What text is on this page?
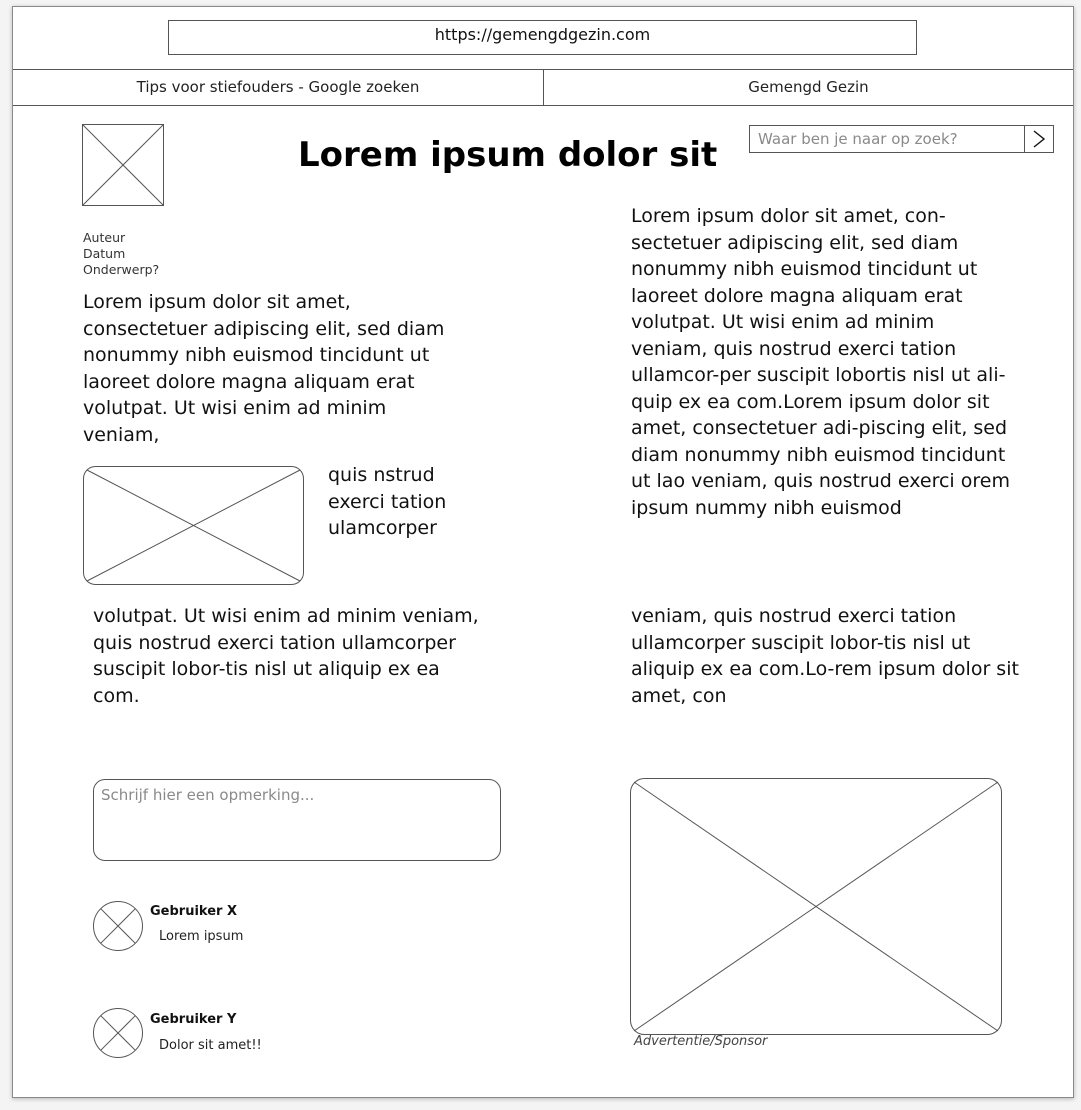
https://gemengdgezin.com
Tips voor stiefouders - Google zoeken	Gemengd Gezin
Auteur
Datum
Onderwerp?
Lorem ipsum dolor sit
Waar ben je naar op zoek?
Lorem ipsum dolor sit amet, consectetuer adipiscing elit, sed diam nonummy nibh euismod tincidunt ut laoreet dolore magna aliquam erat volutpat. Ut wisi enim ad minim veniam,
quis nstrud exerci tation ulamcorper
volutpat. Ut wisi enim ad minim veniam, quis nostrud exerci tation ullamcorper suscipit lobor-tis nisl ut aliquip ex ea com.
Lorem ipsum dolor sit amet, con-sectetuer adipiscing elit, sed diam nonummy nibh euismod tincidunt ut laoreet dolore magna aliquam erat volutpat. Ut wisi enim ad minim veniam, quis nostrud exerci tation ullamcor-per suscipit lobortis nisl ut ali-quip ex ea com.Lorem ipsum dolor sit amet, consectetuer adi-piscing elit, sed diam nonummy nibh euismod tincidunt ut lao veniam, quis nostrud exerci orem ipsum nummy nibh euismod
veniam, quis nostrud exerci tation ullamcorper suscipit lobor-tis nisl ut aliquip ex ea com.Lo-rem ipsum dolor sit amet, con
Schrijf hier een opmerking...
Gebruiker X
Lorem ipsum
Gebruiker Y
Dolor sit amet!!	Advertentie/Sponsor
